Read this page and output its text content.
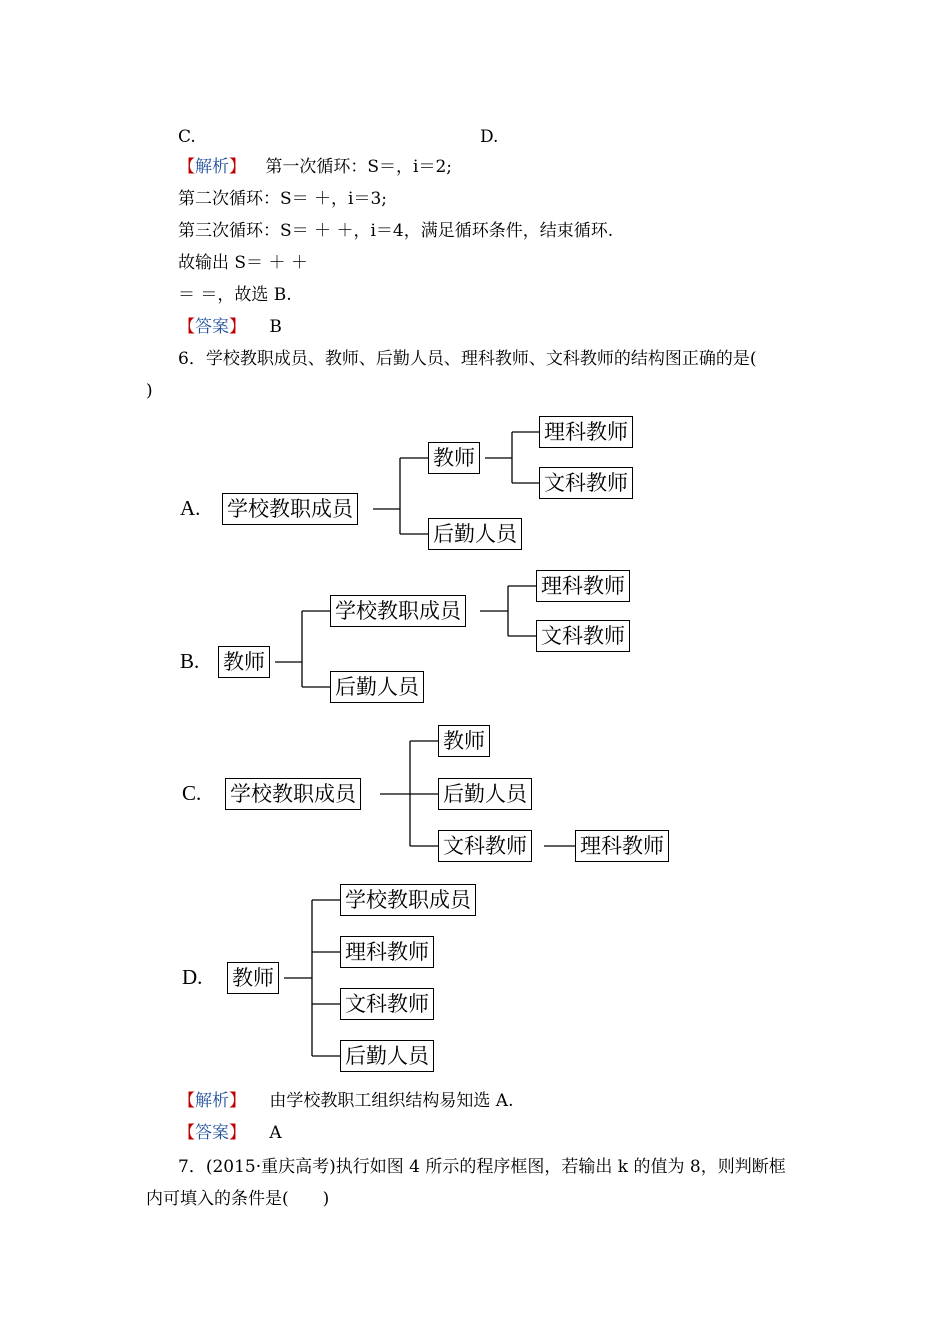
C.	D.
【解析】 第一次循环：S＝，i＝2;
第二次循环：S＝ ＋，i＝3;
第三次循环：S＝ ＋ ＋，i＝4，满足循环条件，结束循环.
故输出 S＝ ＋ ＋
＝ ＝，故选 B.
【答案】 B
6．学校教职成员、教师、后勤人员、理科教师、文科教师的结构图正确的是(
)
A. 学校教职成员
教师
后勤人员
理科教师
文科教师
B. 教师
学校教职成员
后勤人员
理科教师
文科教师
C. 学校教职成员
教师
后勤人员
文科教师	理科教师
D. 教师
学校教职成员
理科教师
文科教师
后勤人员
【解析】 由学校教职工组织结构易知选 A.
【答案】 A
7．(2015·重庆高考)执行如图 4 所示的程序框图，若输出 k 的值为 8，则判断框
内可填入的条件是(　　)
